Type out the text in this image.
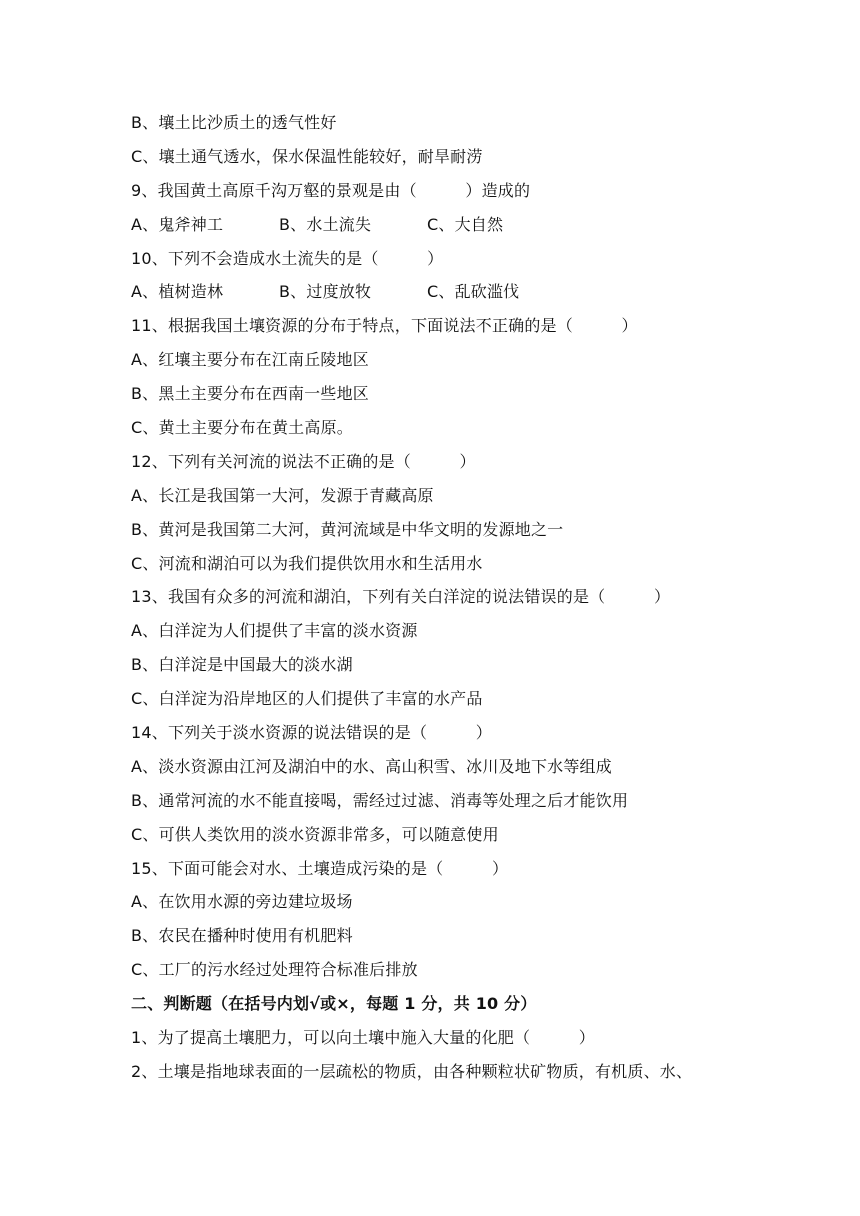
B、壤土比沙质土的透气性好
C、壤土通气透水，保水保温性能较好，耐旱耐涝
9、我国黄土高原千沟万壑的景观是由（　　　）造成的
A、鬼斧神工	B、水土流失	C、大自然
10、下列不会造成水土流失的是（　　　）
A、植树造林	B、过度放牧	C、乱砍滥伐
11、根据我国土壤资源的分布于特点，下面说法不正确的是（　　　）
A、红壤主要分布在江南丘陵地区
B、黑土主要分布在西南一些地区
C、黄土主要分布在黄土高原。
12、下列有关河流的说法不正确的是（　　　）
A、长江是我国第一大河，发源于青藏高原
B、黄河是我国第二大河，黄河流域是中华文明的发源地之一
C、河流和湖泊可以为我们提供饮用水和生活用水
13、我国有众多的河流和湖泊，下列有关白洋淀的说法错误的是（　　　）
A、白洋淀为人们提供了丰富的淡水资源
B、白洋淀是中国最大的淡水湖
C、白洋淀为沿岸地区的人们提供了丰富的水产品
14、下列关于淡水资源的说法错误的是（　　　）
A、淡水资源由江河及湖泊中的水、高山积雪、冰川及地下水等组成
B、通常河流的水不能直接喝，需经过过滤、消毒等处理之后才能饮用
C、可供人类饮用的淡水资源非常多，可以随意使用
15、下面可能会对水、土壤造成污染的是（　　　）
A、在饮用水源的旁边建垃圾场
B、农民在播种时使用有机肥料
C、工厂的污水经过处理符合标准后排放
二、判断题（在括号内划√或×，每题 1 分，共 10 分）
1、为了提高土壤肥力，可以向土壤中施入大量的化肥（　　　）
2、土壤是指地球表面的一层疏松的物质，由各种颗粒状矿物质，有机质、水、
